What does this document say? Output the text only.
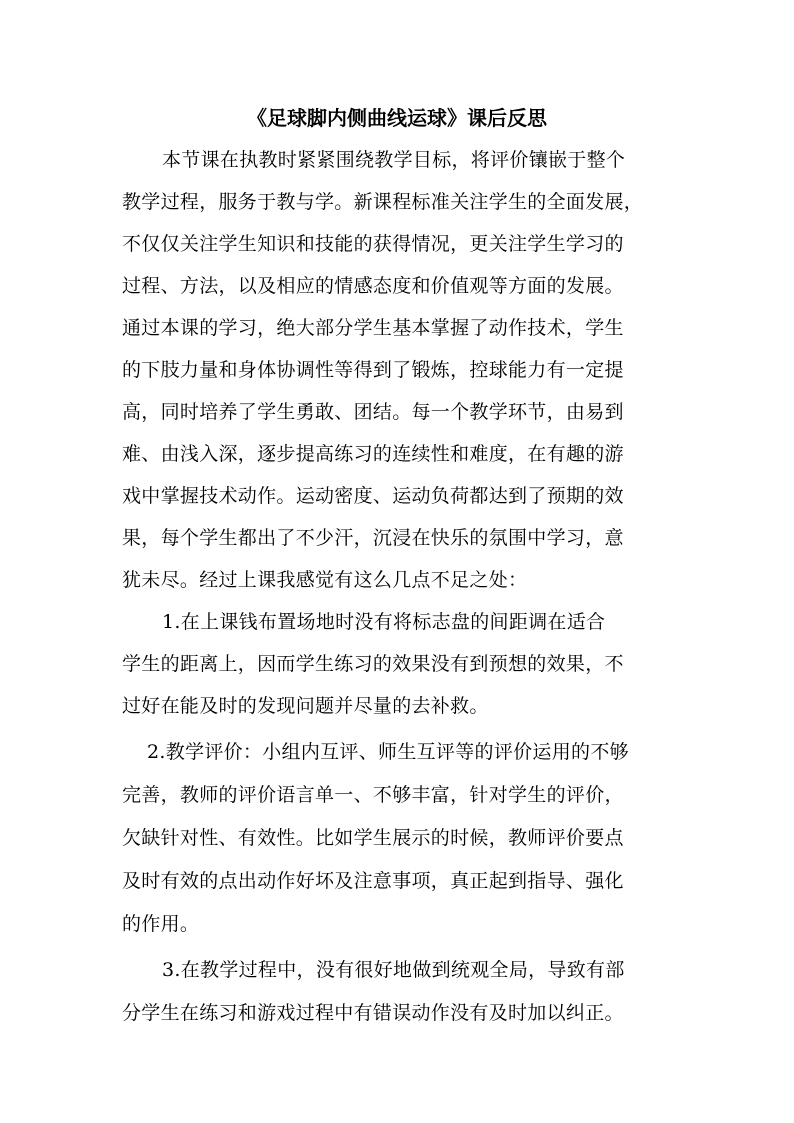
《足球脚内侧曲线运球》课后反思
本节课在执教时紧紧围绕教学目标，将评价镶嵌于整个
教学过程，服务于教与学。新课程标准关注学生的全面发展，
不仅仅关注学生知识和技能的获得情况，更关注学生学习的
过程、方法，以及相应的情感态度和价值观等方面的发展。
通过本课的学习，绝大部分学生基本掌握了动作技术，学生
的下肢力量和身体协调性等得到了锻炼，控球能力有一定提
高，同时培养了学生勇敢、团结。每一个教学环节，由易到
难、由浅入深，逐步提高练习的连续性和难度，在有趣的游
戏中掌握技术动作。运动密度、运动负荷都达到了预期的效
果，每个学生都出了不少汗，沉浸在快乐的氛围中学习，意
犹未尽。经过上课我感觉有这么几点不足之处：
1.在上课钱布置场地时没有将标志盘的间距调在适合
学生的距离上，因而学生练习的效果没有到预想的效果，不
过好在能及时的发现问题并尽量的去补救。
2.教学评价：小组内互评、师生互评等的评价运用的不够
完善，教师的评价语言单一、不够丰富，针对学生的评价，
欠缺针对性、有效性。比如学生展示的时候，教师评价要点
及时有效的点出动作好坏及注意事项，真正起到指导、强化
的作用。
3.在教学过程中，没有很好地做到统观全局，导致有部
分学生在练习和游戏过程中有错误动作没有及时加以纠正。
